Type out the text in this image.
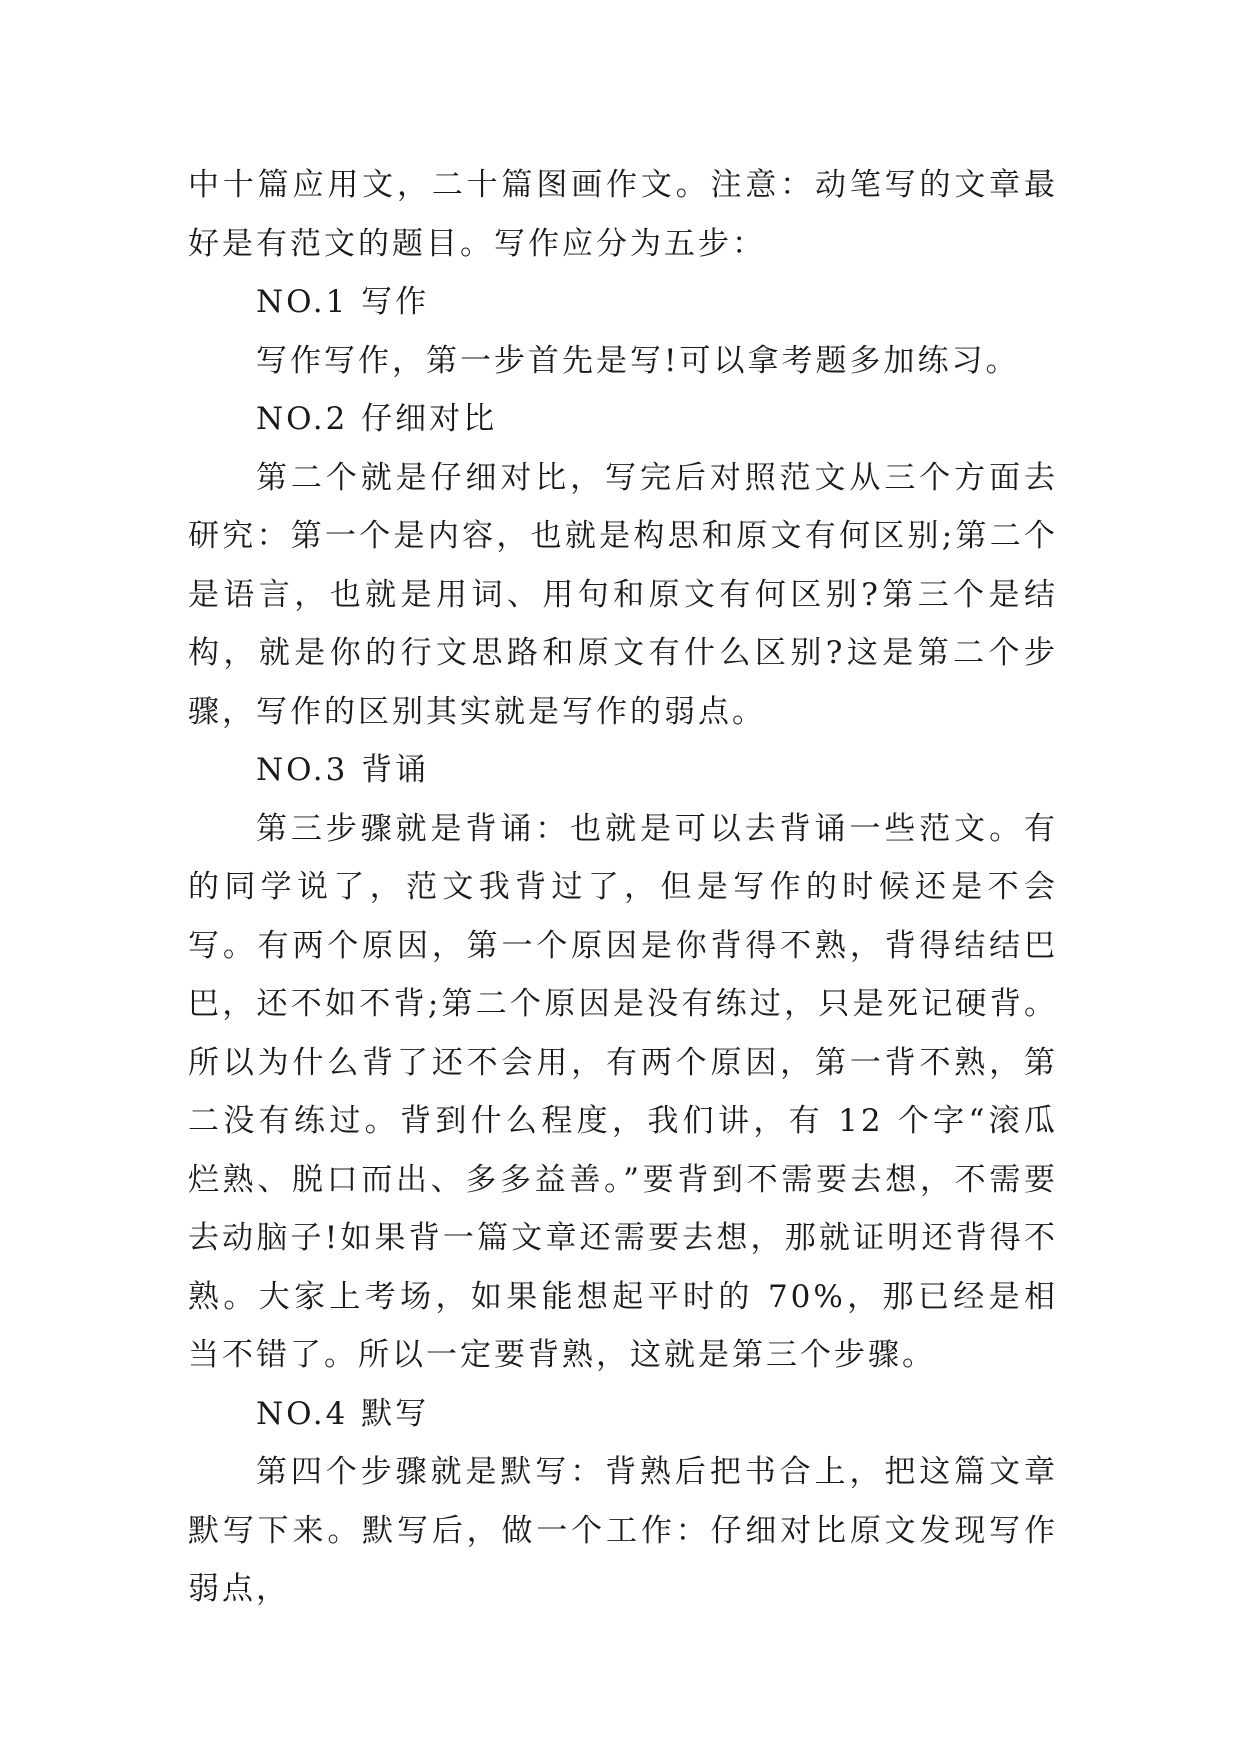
中十篇应用文，二十篇图画作文。注意：动笔写的文章最好是有范文的题目。写作应分为五步：

NO.1 写作

写作写作，第一步首先是写!可以拿考题多加练习。

NO.2 仔细对比

第二个就是仔细对比，写完后对照范文从三个方面去研究：第一个是内容，也就是构思和原文有何区别;第二个是语言，也就是用词、用句和原文有何区别?第三个是结构，就是你的行文思路和原文有什么区别?这是第二个步骤，写作的区别其实就是写作的弱点。

NO.3 背诵

第三步骤就是背诵：也就是可以去背诵一些范文。有的同学说了，范文我背过了，但是写作的时候还是不会写。有两个原因，第一个原因是你背得不熟，背得结结巴巴，还不如不背;第二个原因是没有练过，只是死记硬背。所以为什么背了还不会用，有两个原因，第一背不熟，第二没有练过。背到什么程度，我们讲，有 12 个字“滚瓜烂熟、脱口而出、多多益善。”要背到不需要去想，不需要去动脑子!如果背一篇文章还需要去想，那就证明还背得不熟。大家上考场，如果能想起平时的 70%，那已经是相当不错了。所以一定要背熟，这就是第三个步骤。

NO.4 默写

第四个步骤就是默写：背熟后把书合上，把这篇文章默写下来。默写后，做一个工作：仔细对比原文发现写作弱点，
